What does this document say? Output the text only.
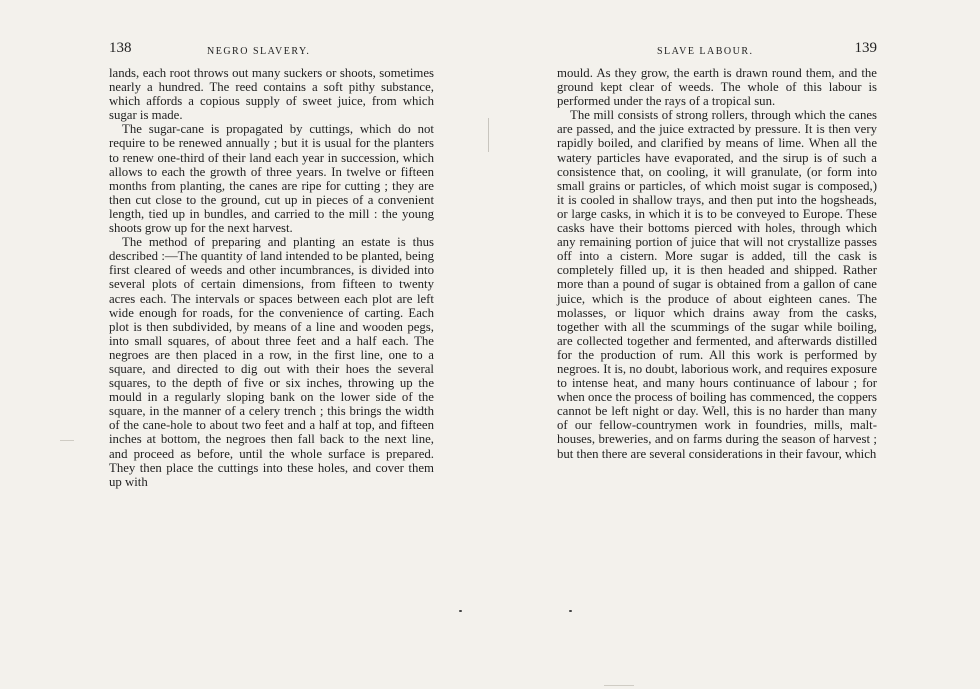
138	NEGRO SLAVERY.

lands, each root throws out many suckers or shoots, sometimes nearly a hundred. The reed contains a soft pithy substance, which affords a copious supply of sweet juice, from which sugar is made.

The sugar-cane is propagated by cuttings, which do not require to be renewed annually ; but it is usual for the planters to renew one-third of their land each year in succession, which allows to each the growth of three years. In twelve or fifteen months from planting, the canes are ripe for cutting ; they are then cut close to the ground, cut up in pieces of a convenient length, tied up in bundles, and carried to the mill : the young shoots grow up for the next harvest.

The method of preparing and planting an estate is thus described :—The quantity of land intended to be planted, being first cleared of weeds and other incumbrances, is divided into several plots of certain dimensions, from fifteen to twenty acres each. The intervals or spaces between each plot are left wide enough for roads, for the convenience of carting. Each plot is then subdivided, by means of a line and wooden pegs, into small squares, of about three feet and a half each. The negroes are then placed in a row, in the first line, one to a square, and directed to dig out with their hoes the several squares, to the depth of five or six inches, throwing up the mould in a regularly sloping bank on the lower side of the square, in the manner of a celery trench ; this brings the width of the cane-hole to about two feet and a half at top, and fifteen inches at bottom, the negroes then fall back to the next line, and proceed as before, until the whole surface is prepared. They then place the cuttings into these holes, and cover them up with

SLAVE LABOUR.	139

mould. As they grow, the earth is drawn round them, and the ground kept clear of weeds. The whole of this labour is performed under the rays of a tropical sun.

The mill consists of strong rollers, through which the canes are passed, and the juice extracted by pressure. It is then very rapidly boiled, and clarified by means of lime. When all the watery particles have evaporated, and the sirup is of such a consistence that, on cooling, it will granulate, (or form into small grains or particles, of which moist sugar is composed,) it is cooled in shallow trays, and then put into the hogsheads, or large casks, in which it is to be conveyed to Europe. These casks have their bottoms pierced with holes, through which any remaining portion of juice that will not crystallize passes off into a cistern. More sugar is added, till the cask is completely filled up, it is then headed and shipped. Rather more than a pound of sugar is obtained from a gallon of cane juice, which is the produce of about eighteen canes. The molasses, or liquor which drains away from the casks, together with all the scummings of the sugar while boiling, are collected together and fermented, and afterwards distilled for the production of rum. All this work is performed by negroes. It is, no doubt, laborious work, and requires exposure to intense heat, and many hours continuance of labour ; for when once the process of boiling has commenced, the coppers cannot be left night or day. Well, this is no harder than many of our fellow-countrymen work in foundries, mills, malt-houses, breweries, and on farms during the season of harvest ; but then there are several considerations in their favour, which
